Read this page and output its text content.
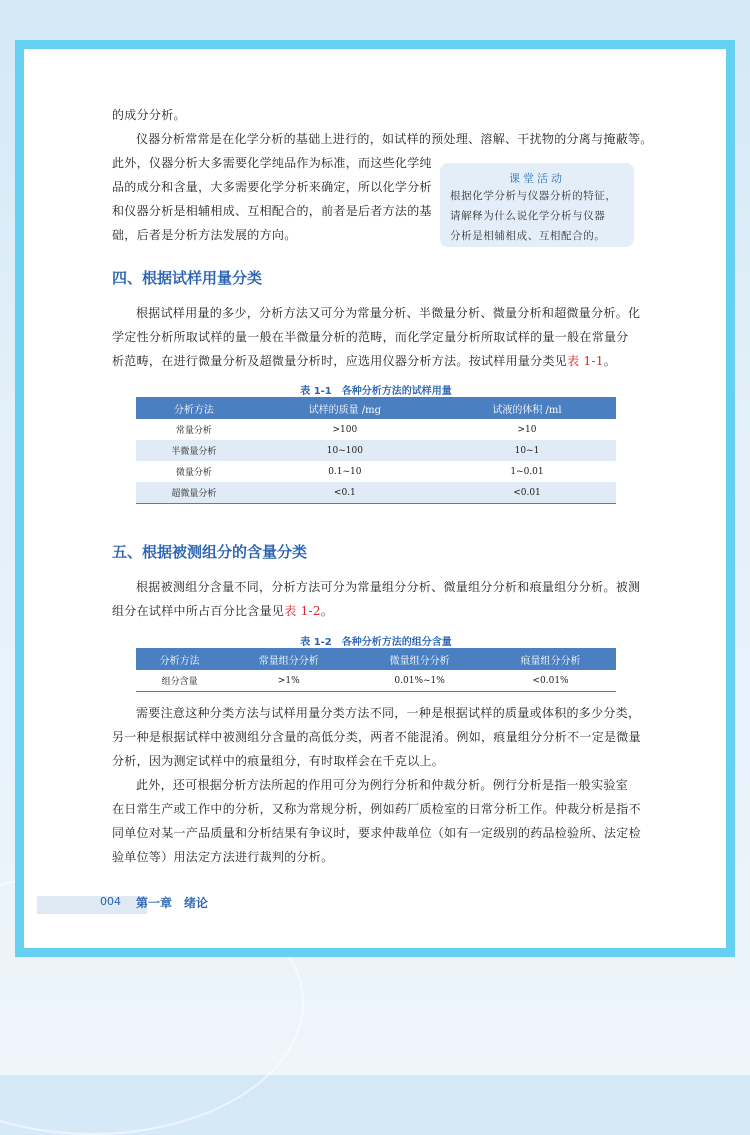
的成分分析。

仪器分析常常是在化学分析的基础上进行的，如试样的预处理、溶解、干扰物的分离与掩蔽等。

此外，仪器分析大多需要化学纯品作为标准，而这些化学纯

品的成分和含量，大多需要化学分析来确定，所以化学分析

和仪器分析是相辅相成、互相配合的，前者是后者方法的基

础，后者是分析方法发展的方向。

课堂活动
根据化学分析与仪器分析的特征，
请解释为什么说化学分析与仪器
分析是相辅相成、互相配合的。
四、根据试样用量分类

根据试样用量的多少，分析方法又可分为常量分析、半微量分析、微量分析和超微量分析。化

学定性分析所取试样的量一般在半微量分析的范畴，而化学定量分析所取试样的量一般在常量分

析范畴，在进行微量分析及超微量分析时，应选用仪器分析方法。按试样用量分类见表 1-1。

表 1-1　各种分析方法的试样用量
分析方法	试样的质量 /mg	试液的体积 /ml
常量分析	>100	>10
半微量分析	10~100	10~1
微量分析	0.1~10	1~0.01
超微量分析	<0.1	<0.01
五、根据被测组分的含量分类

根据被测组分含量不同，分析方法可分为常量组分分析、微量组分分析和痕量组分分析。被测

组分在试样中所占百分比含量见表 1-2。

表 1-2　各种分析方法的组分含量
分析方法	常量组分分析	微量组分分析	痕量组分分析
组分含量	>1%	0.01%~1%	<0.01%

需要注意这种分类方法与试样用量分类方法不同，一种是根据试样的质量或体积的多少分类，

另一种是根据试样中被测组分含量的高低分类，两者不能混淆。例如，痕量组分分析不一定是微量

分析，因为测定试样中的痕量组分，有时取样会在千克以上。

此外，还可根据分析方法所起的作用可分为例行分析和仲裁分析。例行分析是指一般实验室

在日常生产或工作中的分析，又称为常规分析，例如药厂质检室的日常分析工作。仲裁分析是指不

同单位对某一产品质量和分析结果有争议时，要求仲裁单位（如有一定级别的药品检验所、法定检

验单位等）用法定方法进行裁判的分析。

004 第一章　绪论
